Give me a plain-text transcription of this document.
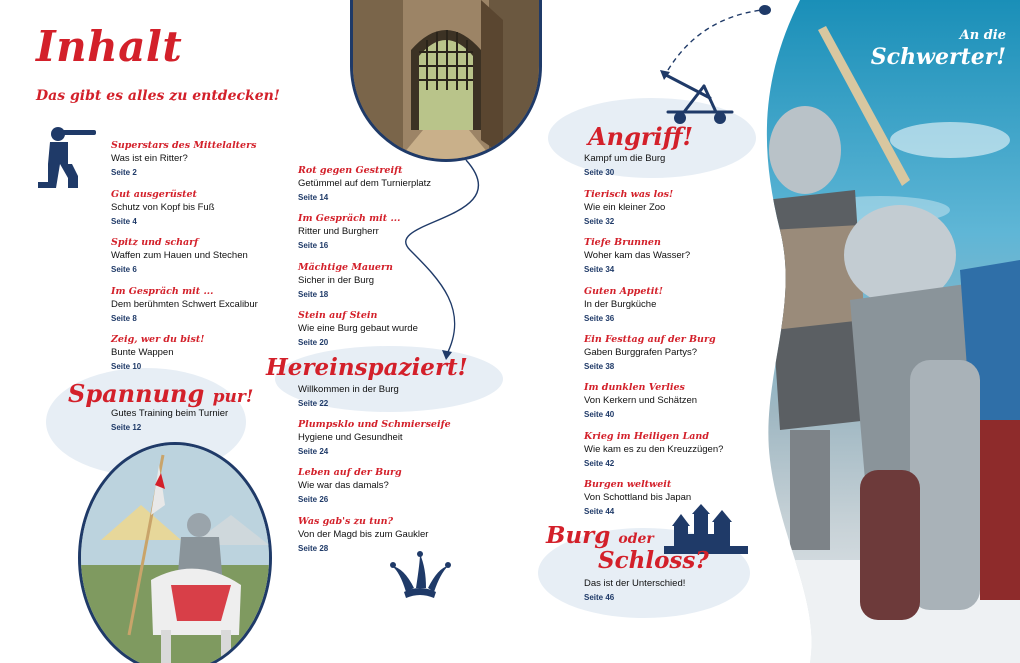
An die
Schwerter!
Inhalt
Das gibt es alles zu entdecken!
Superstars des Mittelalters
Was ist ein Ritter?
Seite 2
Gut ausgerüstet
Schutz von Kopf bis Fuß
Seite 4
Spitz und scharf
Waffen zum Hauen und Stechen
Seite 6
Im Gespräch mit ...
Dem berühmten Schwert Excalibur
Seite 8
Zeig, wer du bist!
Bunte Wappen
Seite 10
Spannung pur!
Gutes Training beim Turnier
Seite 12
Rot gegen Gestreift
Getümmel auf dem Turnierplatz
Seite 14
Im Gespräch mit ...
Ritter und Burgherr
Seite 16
Mächtige Mauern
Sicher in der Burg
Seite 18
Stein auf Stein
Wie eine Burg gebaut wurde
Seite 20
Hereinspaziert!
Willkommen in der Burg
Seite 22
Plumpsklo und Schmierseife
Hygiene und Gesundheit
Seite 24
Leben auf der Burg
Wie war das damals?
Seite 26
Was gab's zu tun?
Von der Magd bis zum Gaukler
Seite 28
Angriff!
Kampf um die Burg
Seite 30
Tierisch was los!
Wie ein kleiner Zoo
Seite 32
Tiefe Brunnen
Woher kam das Wasser?
Seite 34
Guten Appetit!
In der Burgküche
Seite 36
Ein Festtag auf der Burg
Gaben Burggrafen Partys?
Seite 38
Im dunklen Verlies
Von Kerkern und Schätzen
Seite 40
Krieg im Heiligen Land
Wie kam es zu den Kreuzzügen?
Seite 42
Burgen weltweit
Von Schottland bis Japan
Seite 44
Burg oder
Schloss?
Das ist der Unterschied!
Seite 46
